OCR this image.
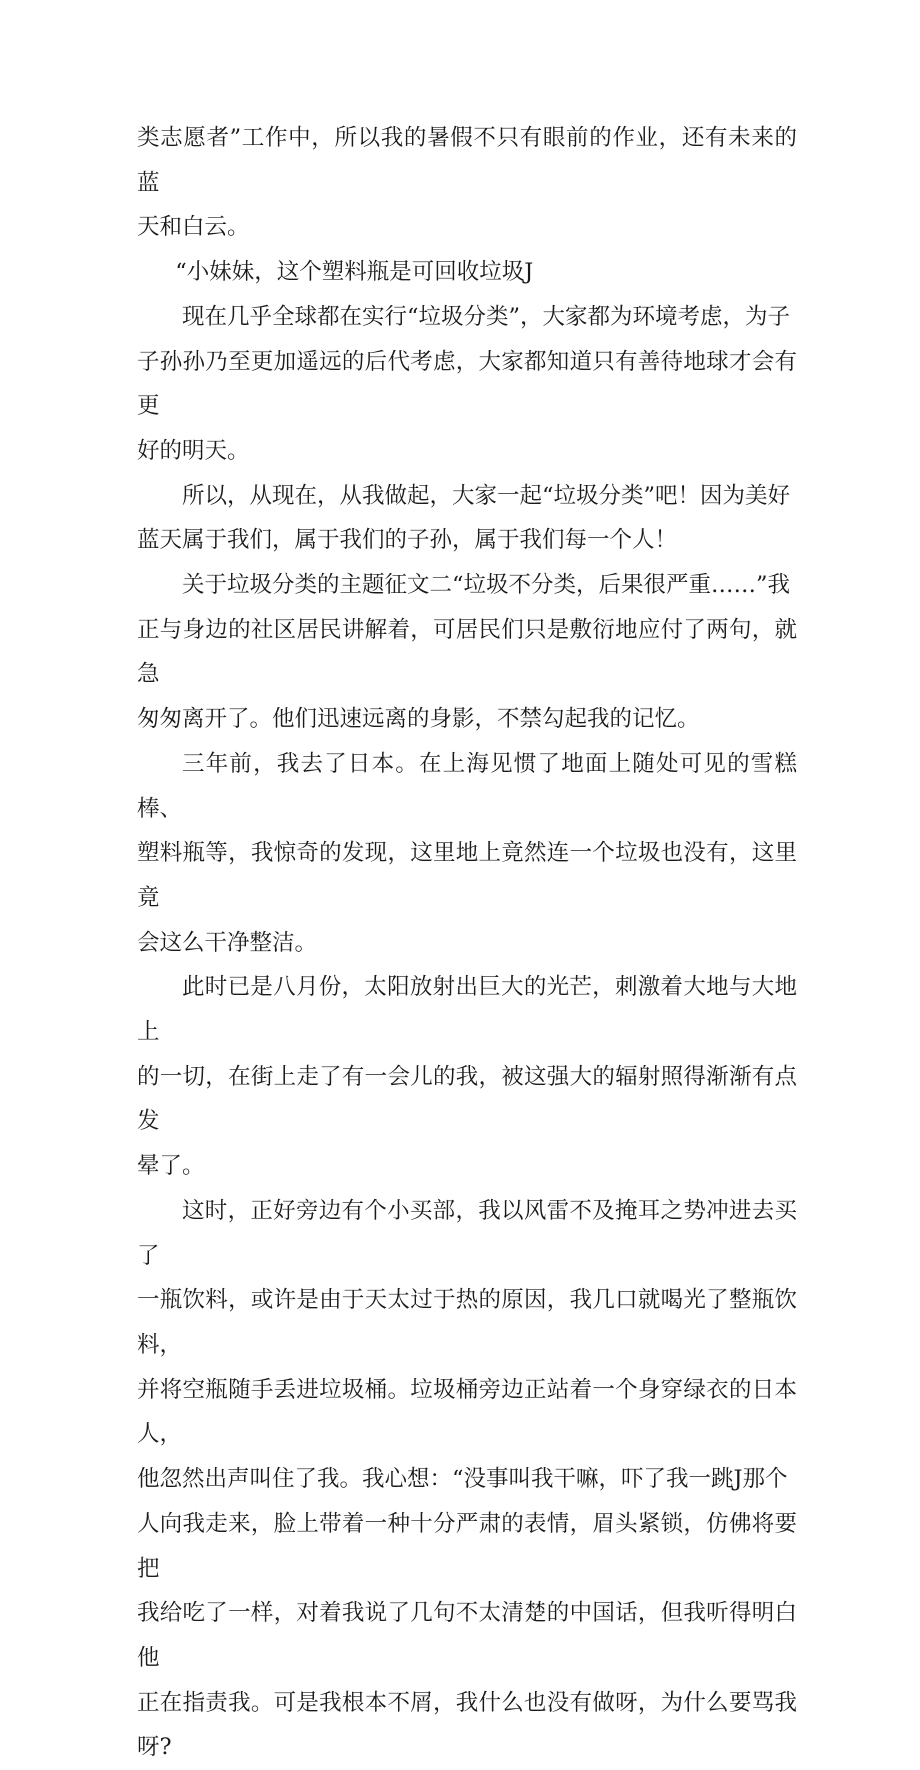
类志愿者”工作中，所以我的暑假不只有眼前的作业，还有未来的蓝
天和白云。

“小妹妹，这个塑料瓶是可回收垃圾J

现在几乎全球都在实行“垃圾分类”，大家都为环境考虑，为子
子孙孙乃至更加遥远的后代考虑，大家都知道只有善待地球才会有更
好的明天。

所以，从现在，从我做起，大家一起“垃圾分类”吧！因为美好
蓝天属于我们，属于我们的子孙，属于我们每一个人！

关于垃圾分类的主题征文二“垃圾不分类，后果很严重……”我
正与身边的社区居民讲解着，可居民们只是敷衍地应付了两句，就急
匆匆离开了。他们迅速远离的身影，不禁勾起我的记忆。

三年前，我去了日本。在上海见惯了地面上随处可见的雪糕棒、
塑料瓶等，我惊奇的发现，这里地上竟然连一个垃圾也没有，这里竟
会这么干净整洁。

此时已是八月份，太阳放射出巨大的光芒，刺激着大地与大地上
的一切，在街上走了有一会儿的我，被这强大的辐射照得渐渐有点发
晕了。

这时，正好旁边有个小买部，我以风雷不及掩耳之势冲进去买了
一瓶饮料，或许是由于天太过于热的原因，我几口就喝光了整瓶饮料，
并将空瓶随手丢进垃圾桶。垃圾桶旁边正站着一个身穿绿衣的日本人，
他忽然出声叫住了我。我心想：“没事叫我干嘛，吓了我一跳J那个
人向我走来，脸上带着一种十分严肃的表情，眉头紧锁，仿佛将要把
我给吃了一样，对着我说了几句不太清楚的中国话，但我听得明白他
正在指责我。可是我根本不屑，我什么也没有做呀，为什么要骂我呀?
